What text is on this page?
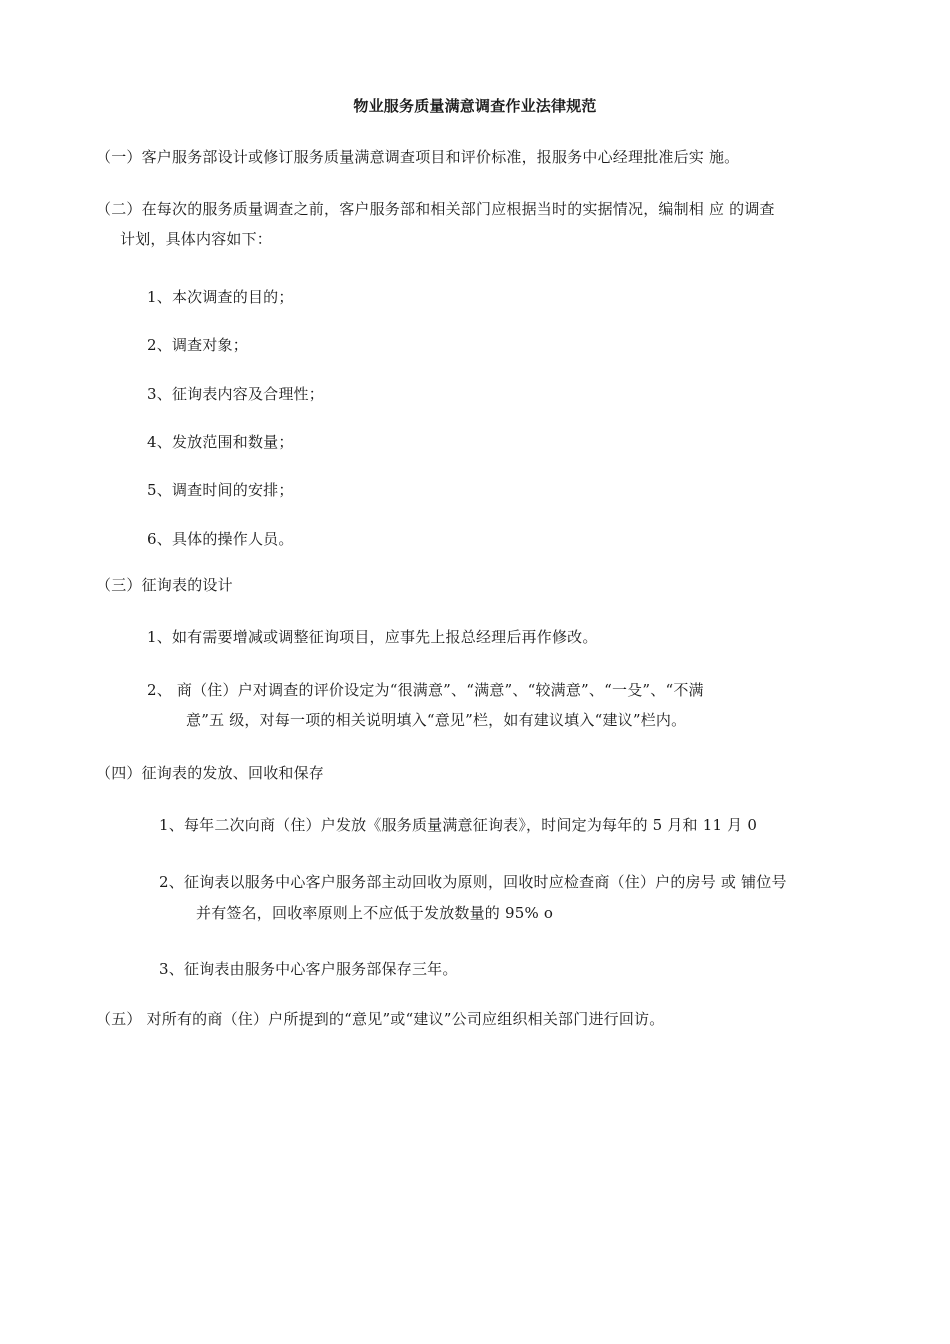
物业服务质量满意调查作业法律规范
（一）客户服务部设计或修订服务质量满意调查项目和评价标准，报服务中心经理批准后实 施。
（二）在每次的服务质量调查之前，客户服务部和相关部门应根据当时的实据情况，编制相 应 的调查
计划，具体内容如下：
1、本次调查的目的；
2、调查对象；
3、征询表内容及合理性；
4、发放范围和数量；
5、调查时间的安排；
6、具体的操作人员。
（三）征询表的设计
1、如有需要增减或调整征询项目，应事先上报总经理后再作修改。
2、 商（住）户对调查的评价设定为“很满意”、“满意”、“较满意”、“一殳”、“不满
意”五 级，对每一项的相关说明填入“意见”栏，如有建议填入“建议”栏内。
（四）征询表的发放、回收和保存
1、每年二次向商（住）户发放《服务质量满意征询表》，时间定为每年的 5 月和 11 月 0
2、征询表以服务中心客户服务部主动回收为原则，回收时应检查商（住）户的房号 或 铺位号
并有签名，回收率原则上不应低于发放数量的 95% o
3、征询表由服务中心客户服务部保存三年。
（五） 对所有的商（住）户所提到的“意见”或“建议”公司应组织相关部门进行回访。
